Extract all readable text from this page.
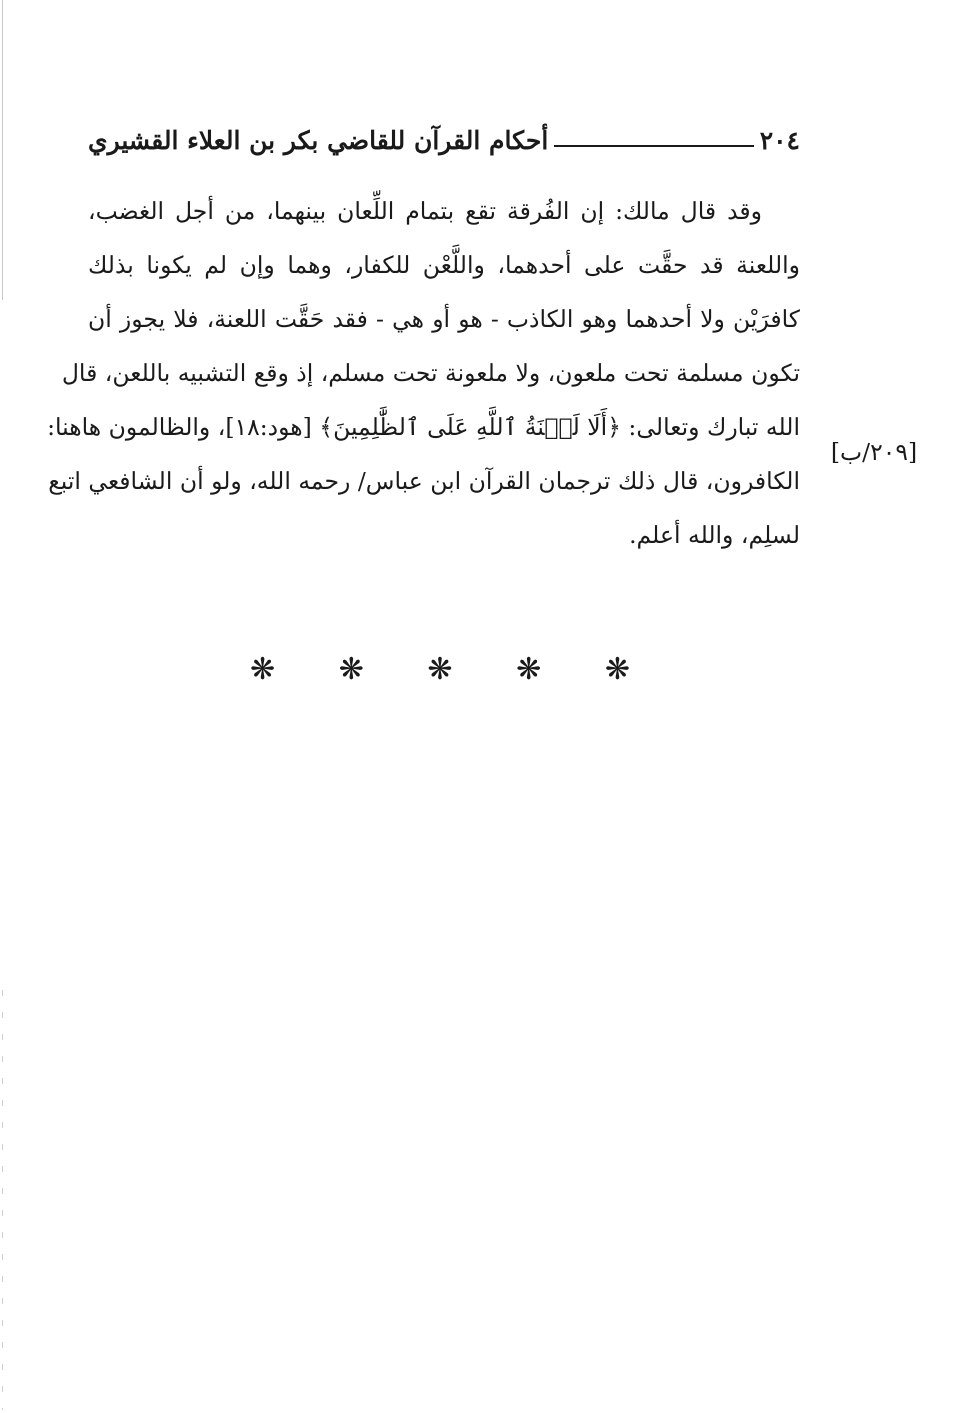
٢٠٤
أحكام القرآن للقاضي بكر بن العلاء القشيري
وقد قال مالك: إن الفُرقة تقع بتمام اللِّعان بينهما، من أجل الغضب،
واللعنة قد حقَّت على أحدهما، واللَّعْن للكفار، وهما وإن لم يكونا بذلك
كافرَيْن ولا أحدهما وهو الكاذب - هو أو هي - فقد حَقَّت اللعنة، فلا يجوز أن
تكون مسلمة تحت ملعون، ولا ملعونة تحت مسلم، إذ وقع التشبيه باللعن، قال
الله تبارك وتعالى: ﴿أَلَا لَعۡنَةُ ٱللَّهِ عَلَى ٱلظَّٰلِمِينَ﴾ [هود:١٨]، والظالمون هاهنا:
الكافرون، قال ذلك ترجمان القرآن ابن عباس/ رحمه الله، ولو أن الشافعي اتبع
لسلِم، والله أعلم.
[٢٠٩/ب]
❋ ❋ ❋ ❋ ❋
